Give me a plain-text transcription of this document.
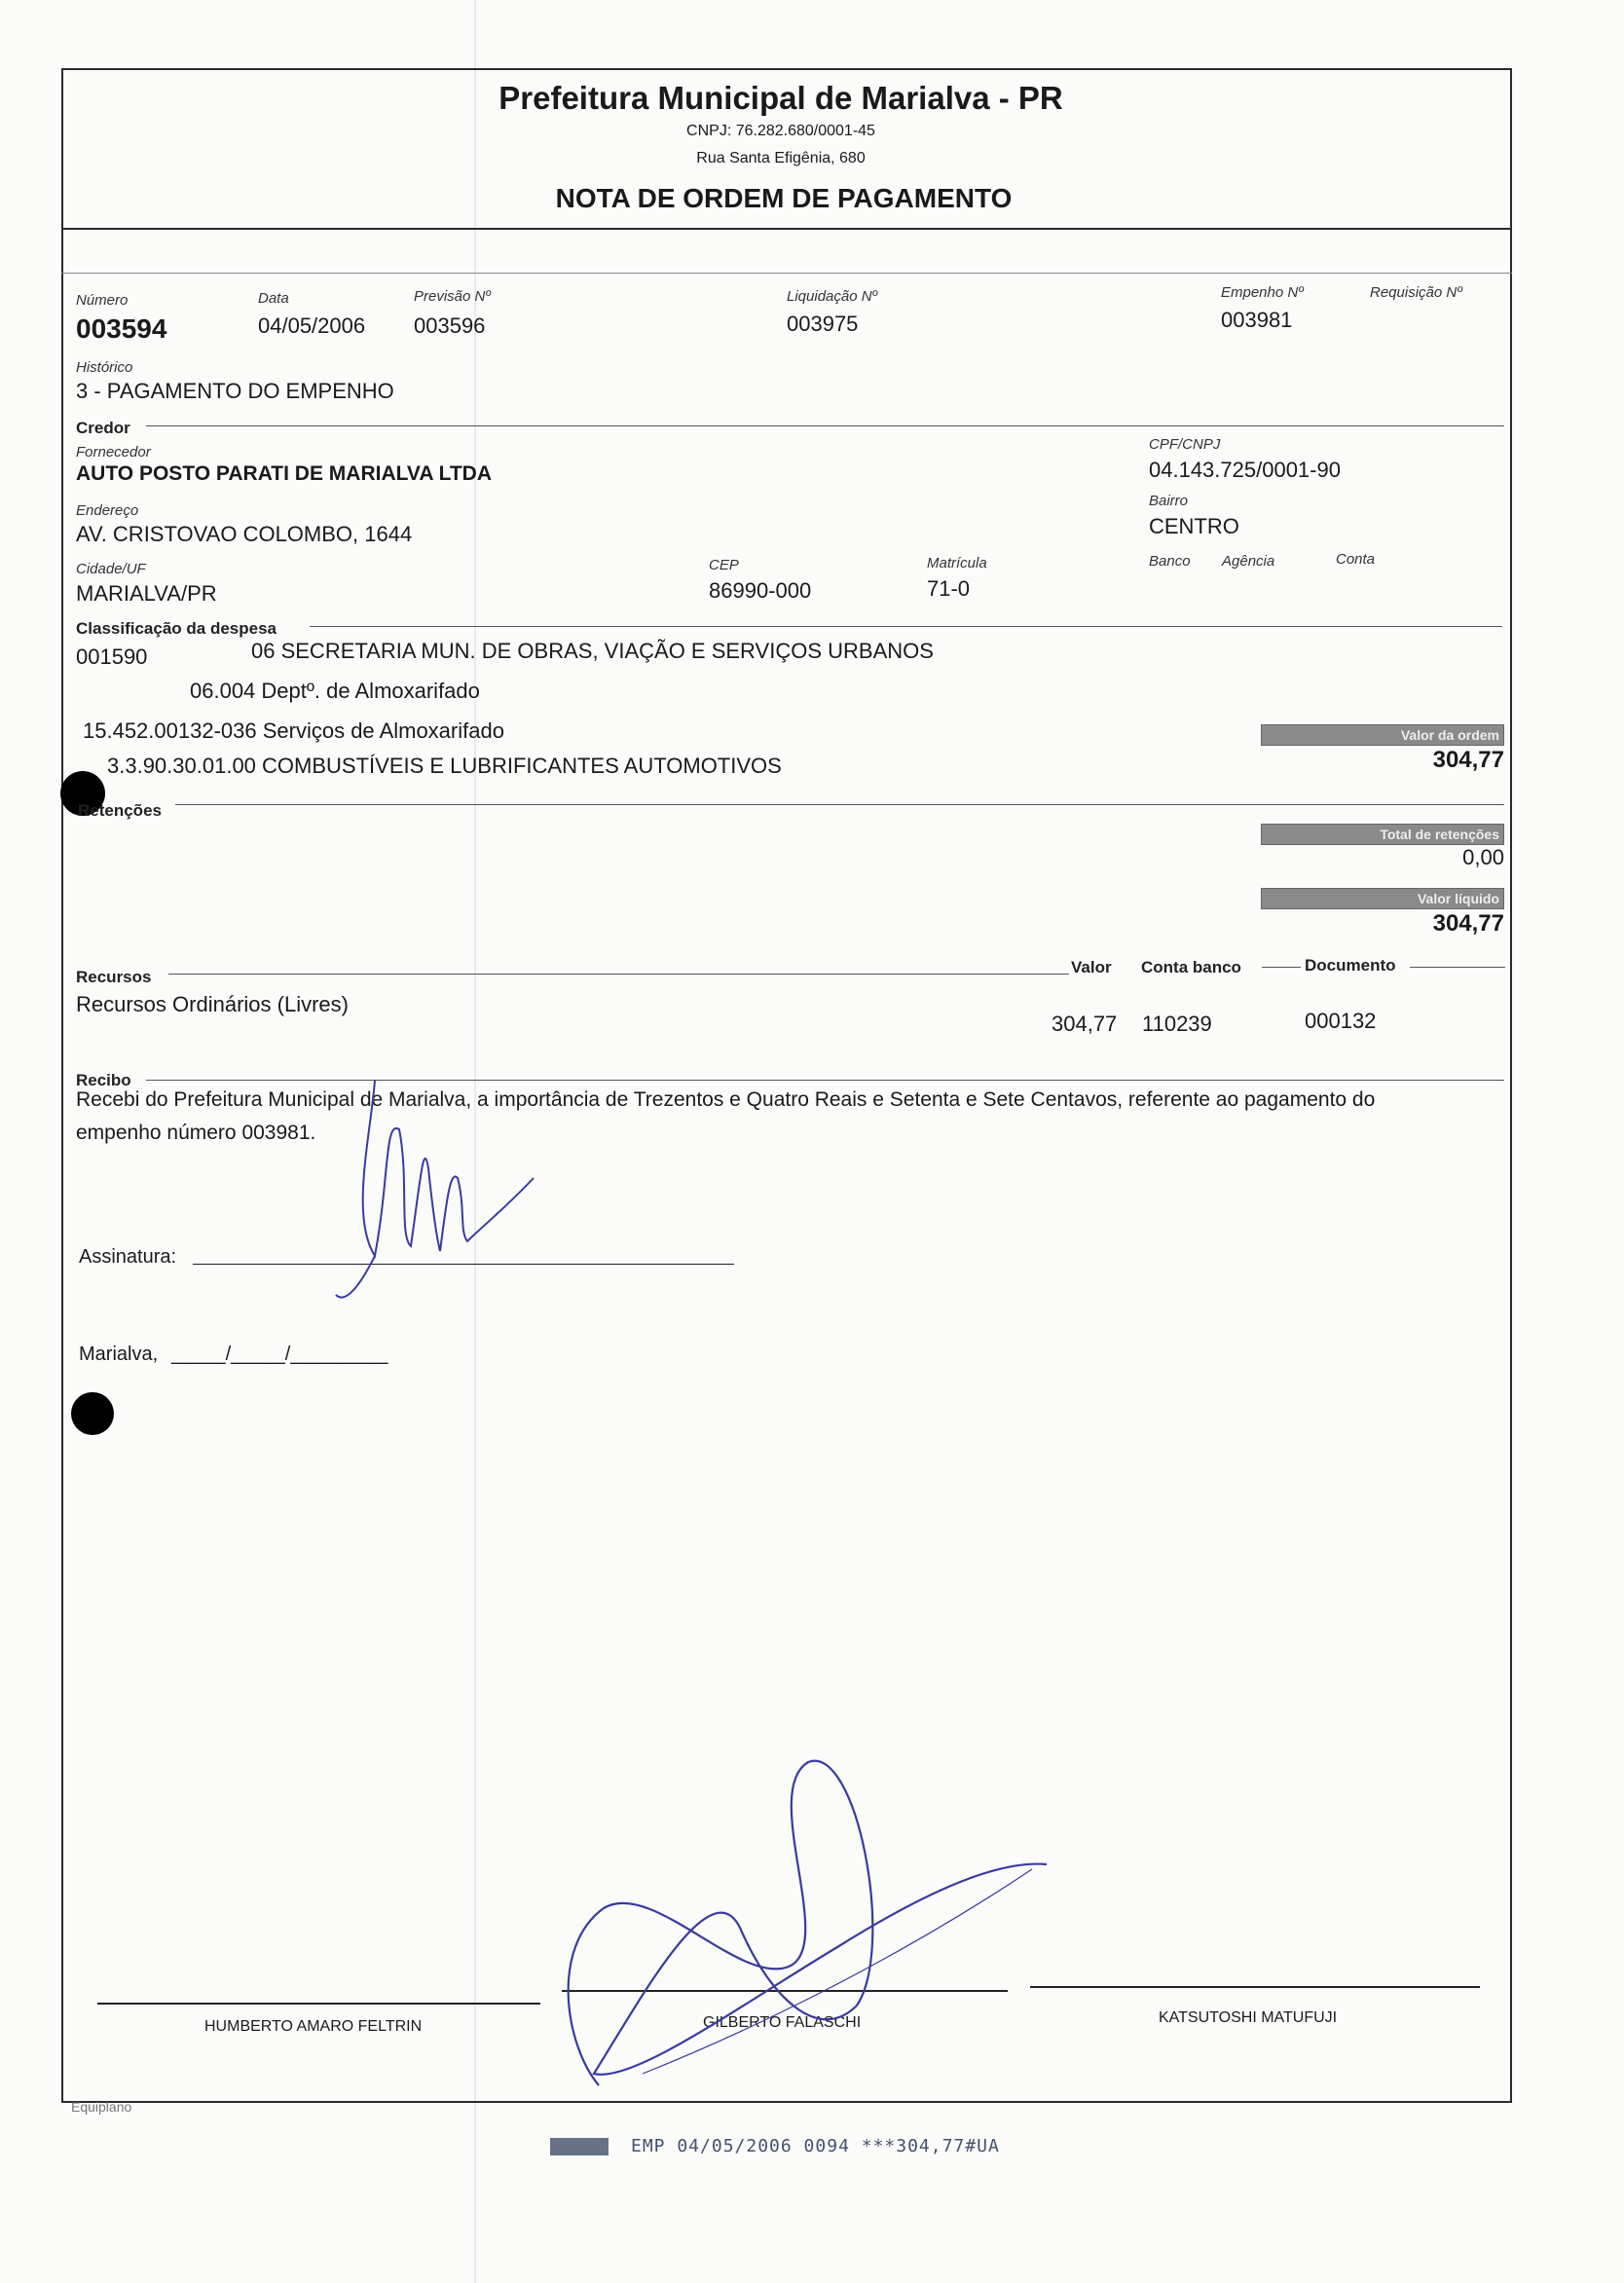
Prefeitura Municipal de Marialva - PR
CNPJ: 76.282.680/0001-45
Rua Santa Efigênia, 680
NOTA DE ORDEM DE PAGAMENTO
Número
003594
Data
04/05/2006
Previsão Nº
003596
Liquidação Nº
003975
Empenho Nº
003981
Requisição Nº
Histórico
3 - PAGAMENTO DO EMPENHO
Credor
Fornecedor
AUTO POSTO PARATI DE MARIALVA LTDA
CPF/CNPJ
04.143.725/0001-90
Endereço
AV. CRISTOVAO COLOMBO, 1644
Bairro
CENTRO
Cidade/UF
MARIALVA/PR
CEP
86990-000
Matrícula
71-0
Banco Agência	Conta
Classificação da despesa
001590	06 SECRETARIA MUN. DE OBRAS, VIAÇÃO E SERVIÇOS URBANOS
06.004 Deptº. de Almoxarifado
15.452.00132-036 Serviços de Almoxarifado
3.3.90.30.01.00 COMBUSTÍVEIS E LUBRIFICANTES AUTOMOTIVOS
Valor da ordem
304,77
Retenções
Total de retenções
0,00
Valor líquido
304,77
Recursos
Valor Conta banco	Documento
Recursos Ordinários (Livres)
304,77 110239	000132
Recibo
Recebi do Prefeitura Municipal de Marialva, a importância de Trezentos e Quatro Reais e Setenta e Sete Centavos, referente ao pagamento do
empenho número 003981.
Assinatura:
Marialva, _____/_____/_________
HUMBERTO AMARO FELTRIN	GILBERTO FALASCHI	KATSUTOSHI MATUFUJI
Equiplano
EMP 04/05/2006 0094 ***304,77#UA
